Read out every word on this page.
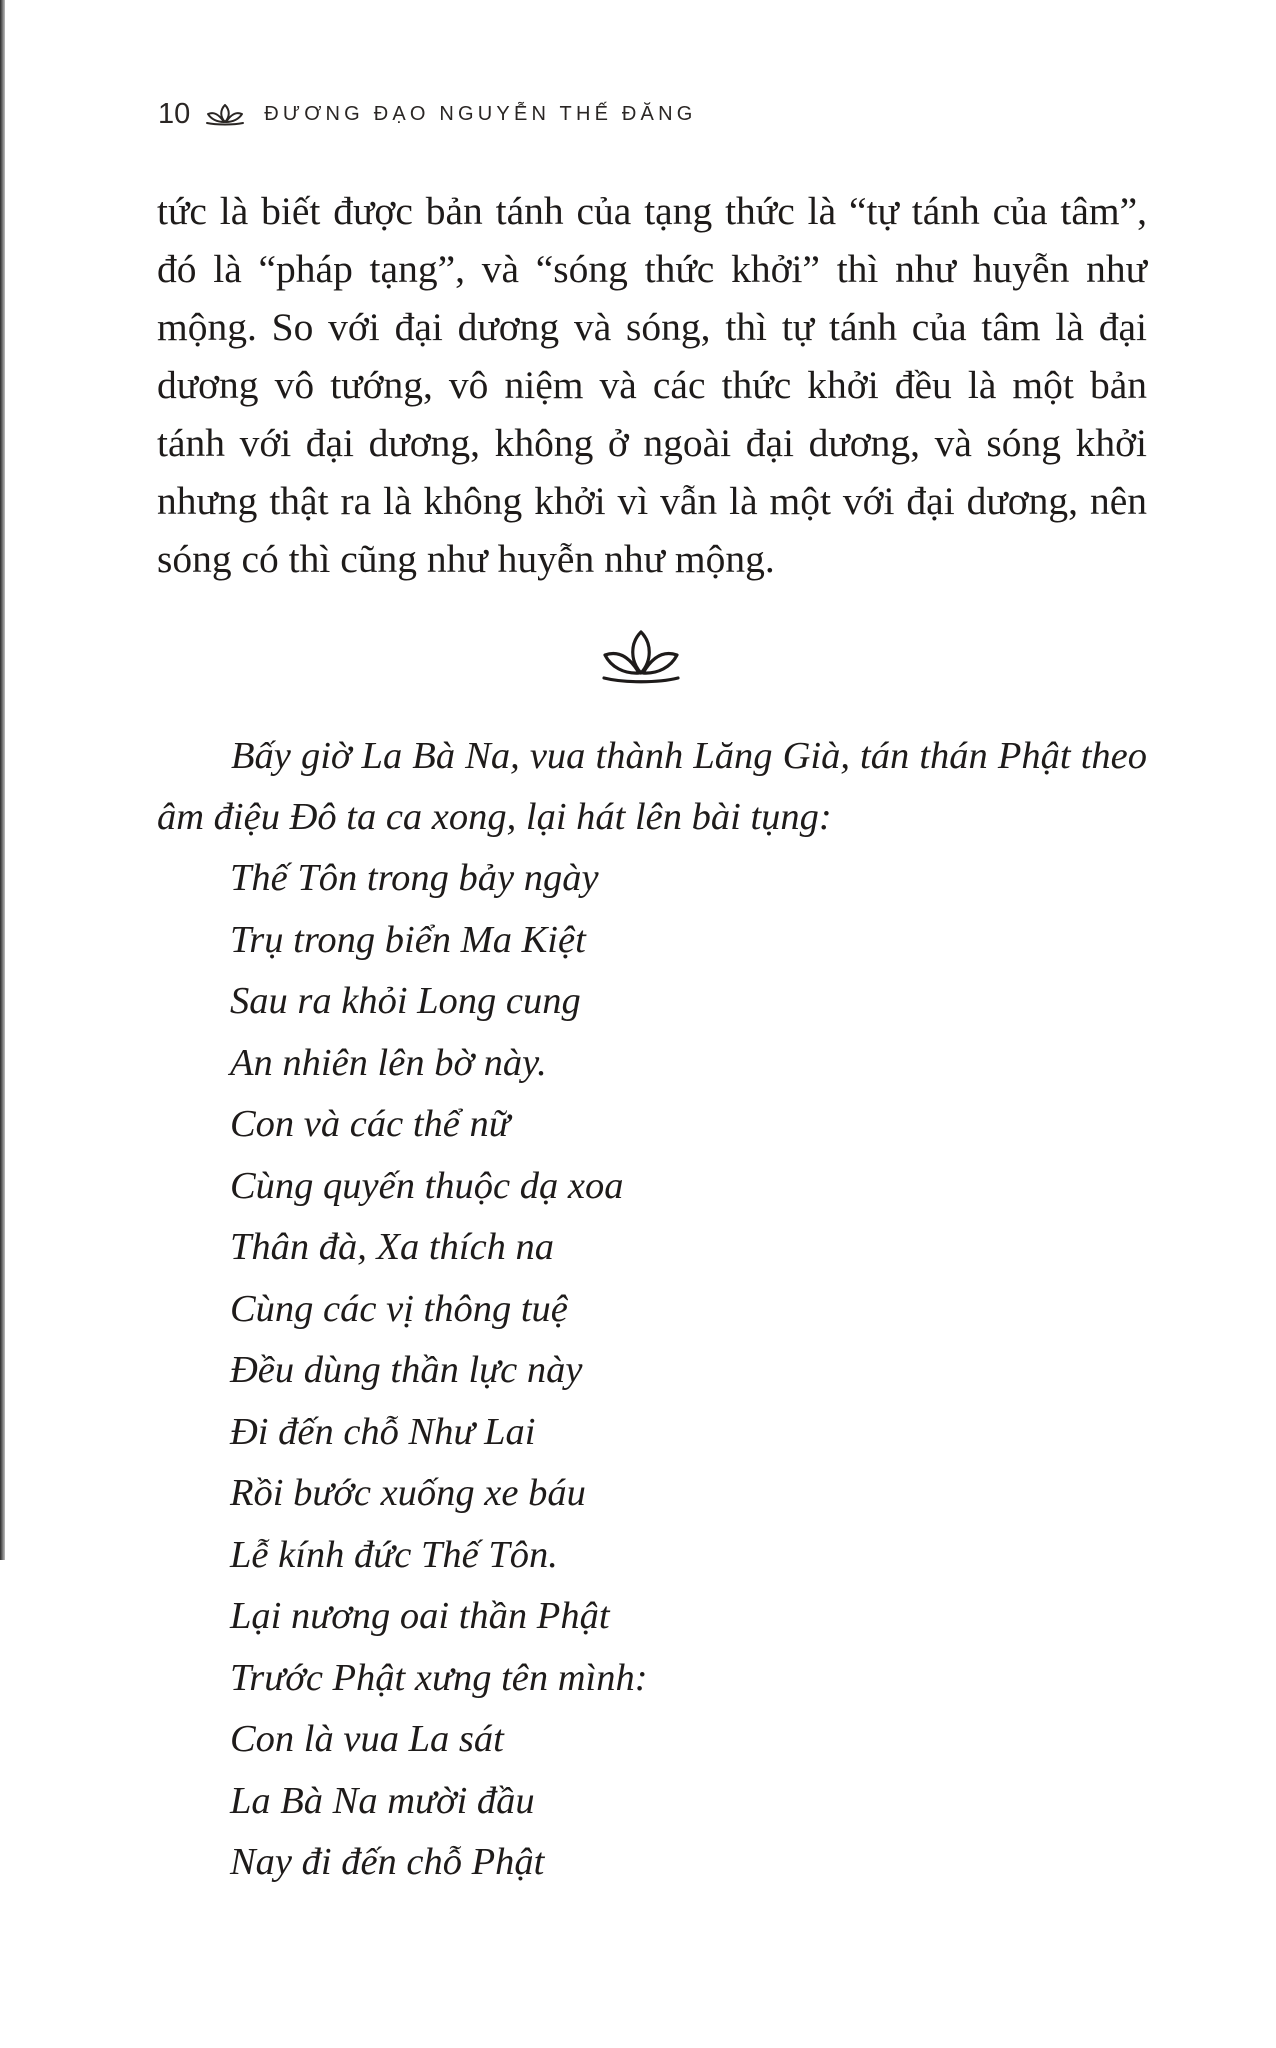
10	ĐƯƠNG ĐẠO NGUYỄN THẾ ĐĂNG

tức là biết được bản tánh của tạng thức là “tự tánh của tâm”, đó là “pháp tạng”, và “sóng thức khởi” thì như huyễn như mộng. So với đại dương và sóng, thì tự tánh của tâm là đại dương vô tướng, vô niệm và các thức khởi đều là một bản tánh với đại dương, không ở ngoài đại dương, và sóng khởi nhưng thật ra là không khởi vì vẫn là một với đại dương, nên sóng có thì cũng như huyễn như mộng.

Bấy giờ La Bà Na, vua thành Lăng Già, tán thán Phật theo âm điệu Đô ta ca xong, lại hát lên bài tụng:

Thế Tôn trong bảy ngày
Trụ trong biển Ma Kiệt
Sau ra khỏi Long cung
An nhiên lên bờ này.
Con và các thể nữ
Cùng quyến thuộc dạ xoa
Thân đà, Xa thích na
Cùng các vị thông tuệ
Đều dùng thần lực này
Đi đến chỗ Như Lai
Rồi bước xuống xe báu
Lễ kính đức Thế Tôn.
Lại nương oai thần Phật
Trước Phật xưng tên mình:
Con là vua La sát
La Bà Na mười đầu
Nay đi đến chỗ Phật
